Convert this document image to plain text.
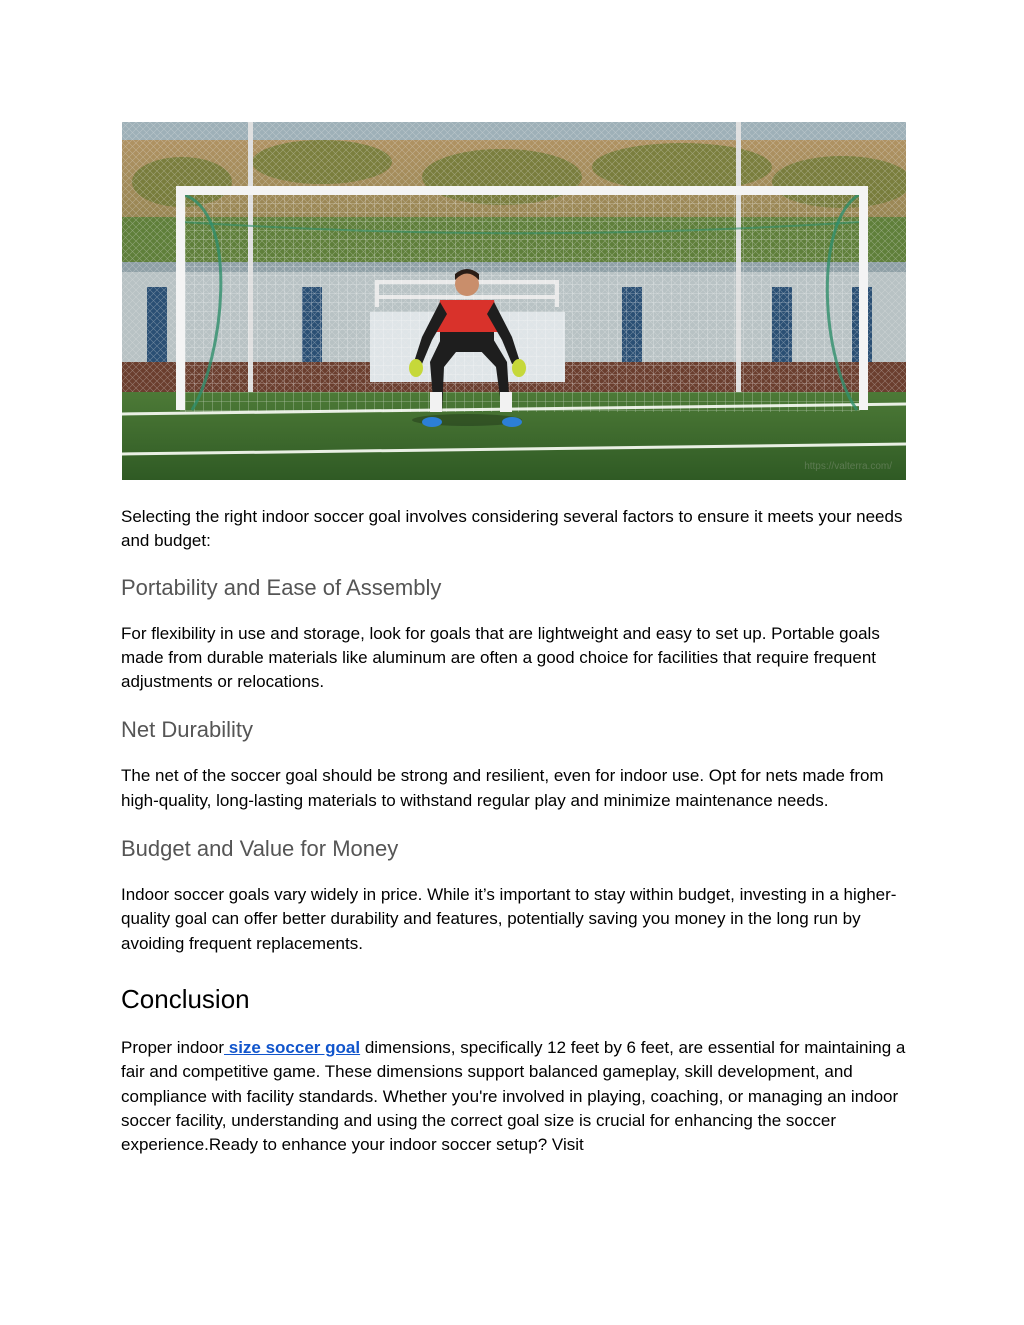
https://valterra.com/

Selecting the right indoor soccer goal involves considering several factors to ensure it meets your needs and budget:

Portability and Ease of Assembly

For flexibility in use and storage, look for goals that are lightweight and easy to set up. Portable goals made from durable materials like aluminum are often a good choice for facilities that require frequent adjustments or relocations.

Net Durability

The net of the soccer goal should be strong and resilient, even for indoor use. Opt for nets made from high-quality, long-lasting materials to withstand regular play and minimize maintenance needs.

Budget and Value for Money

Indoor soccer goals vary widely in price. While it’s important to stay within budget, investing in a higher-quality goal can offer better durability and features, potentially saving you money in the long run by avoiding frequent replacements.

Conclusion

Proper indoor size soccer goal dimensions, specifically 12 feet by 6 feet, are essential for maintaining a fair and competitive game. These dimensions support balanced gameplay, skill development, and compliance with facility standards. Whether you're involved in playing, coaching, or managing an indoor soccer facility, understanding and using the correct goal size is crucial for enhancing the soccer experience.Ready to enhance your indoor soccer setup? Visit
